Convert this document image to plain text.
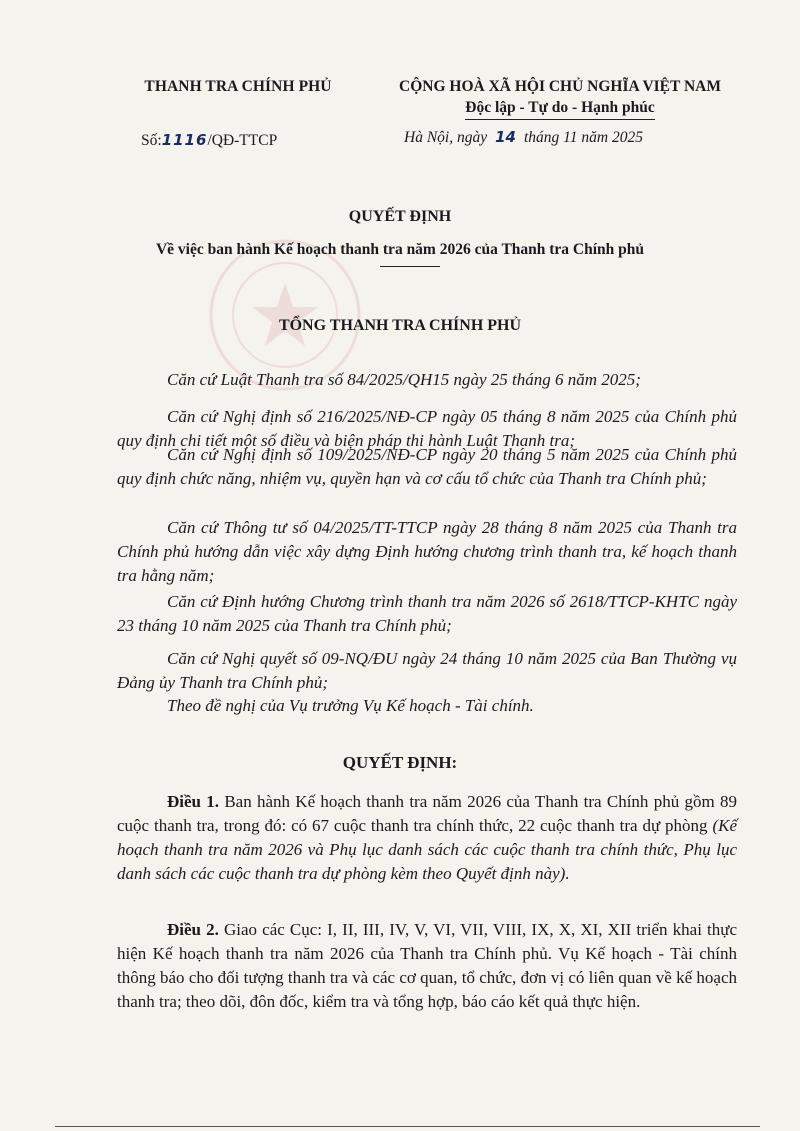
THANH TRA CHÍNH PHỦ	CỘNG HOÀ XÃ HỘI CHỦ NGHĨA VIỆT NAM
Độc lập - Tự do - Hạnh phúc
Số:1116/QĐ-TTCP	Hà Nội, ngày 14 tháng 11 năm 2025
QUYẾT ĐỊNH
Về việc ban hành Kế hoạch thanh tra năm 2026 của Thanh tra Chính phủ
TỔNG THANH TRA CHÍNH PHỦ
Căn cứ Luật Thanh tra số 84/2025/QH15 ngày 25 tháng 6 năm 2025;
Căn cứ Nghị định số 216/2025/NĐ-CP ngày 05 tháng 8 năm 2025 của Chính phủ quy định chi tiết một số điều và biện pháp thi hành Luật Thanh tra;
Căn cứ Nghị định số 109/2025/NĐ-CP ngày 20 tháng 5 năm 2025 của Chính phủ quy định chức năng, nhiệm vụ, quyền hạn và cơ cấu tổ chức của Thanh tra Chính phủ;
Căn cứ Thông tư số 04/2025/TT-TTCP ngày 28 tháng 8 năm 2025 của Thanh tra Chính phủ hướng dẫn việc xây dựng Định hướng chương trình thanh tra, kế hoạch thanh tra hằng năm;
Căn cứ Định hướng Chương trình thanh tra năm 2026 số 2618/TTCP-KHTC ngày 23 tháng 10 năm 2025 của Thanh tra Chính phủ;
Căn cứ Nghị quyết số 09-NQ/ĐU ngày 24 tháng 10 năm 2025 của Ban Thường vụ Đảng ủy Thanh tra Chính phủ;
Theo đề nghị của Vụ trưởng Vụ Kế hoạch - Tài chính.
QUYẾT ĐỊNH:
Điều 1. Ban hành Kế hoạch thanh tra năm 2026 của Thanh tra Chính phủ gồm 89 cuộc thanh tra, trong đó: có 67 cuộc thanh tra chính thức, 22 cuộc thanh tra dự phòng (Kế hoạch thanh tra năm 2026 và Phụ lục danh sách các cuộc thanh tra chính thức, Phụ lục danh sách các cuộc thanh tra dự phòng kèm theo Quyết định này).
Điều 2. Giao các Cục: I, II, III, IV, V, VI, VII, VIII, IX, X, XI, XII triển khai thực hiện Kế hoạch thanh tra năm 2026 của Thanh tra Chính phủ. Vụ Kế hoạch - Tài chính thông báo cho đối tượng thanh tra và các cơ quan, tổ chức, đơn vị có liên quan về kế hoạch thanh tra; theo dõi, đôn đốc, kiểm tra và tổng hợp, báo cáo kết quả thực hiện.
